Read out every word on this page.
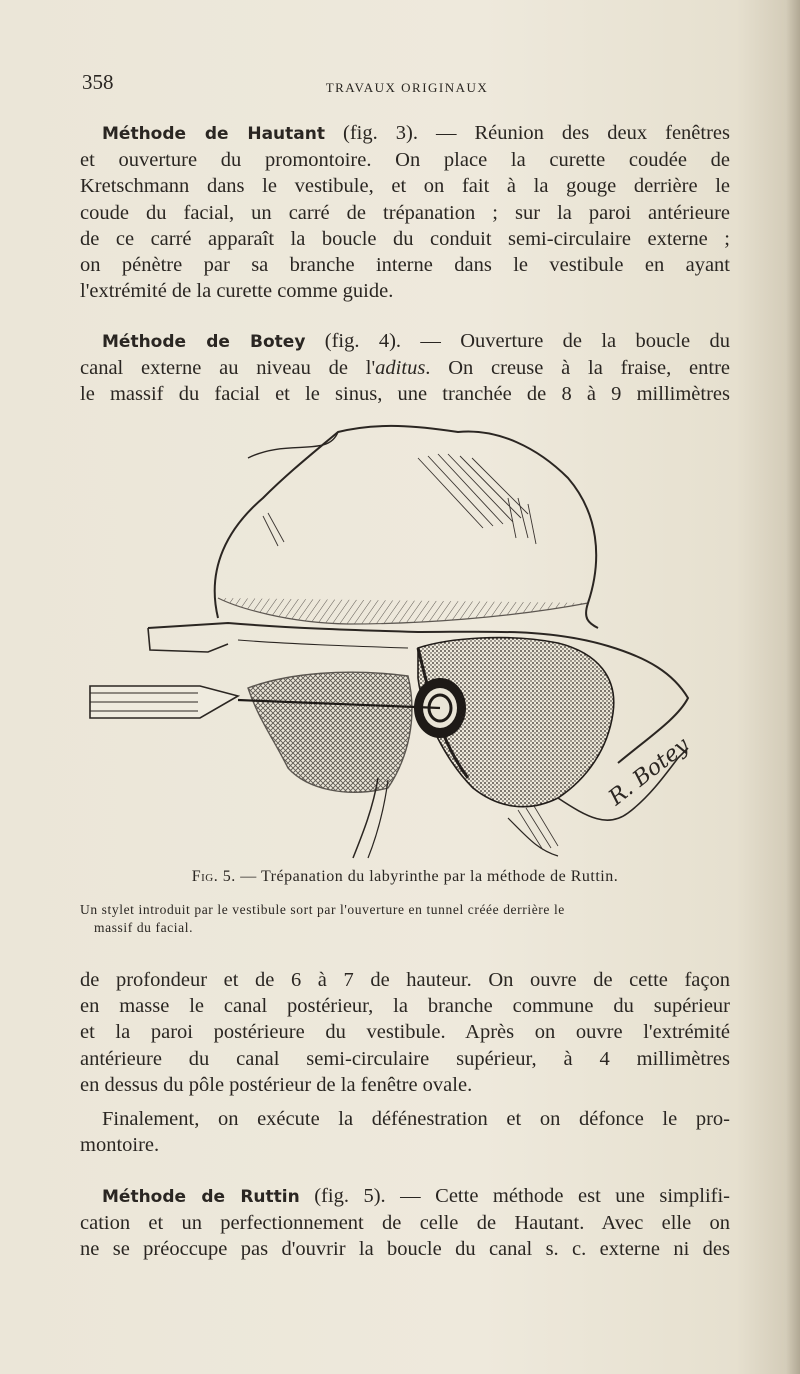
358	TRAVAUX ORIGINAUX
Méthode de Hautant (fig. 3). — Réunion des deux fenêtres
et ouverture du promontoire. On place la curette coudée de
Kretschmann dans le vestibule, et on fait à la gouge derrière le
coude du facial, un carré de trépanation ; sur la paroi antérieure
de ce carré apparaît la boucle du conduit semi-circulaire externe ;
on pénètre par sa branche interne dans le vestibule en ayant
l'extrémité de la curette comme guide.
Méthode de Botey (fig. 4). — Ouverture de la boucle du
canal externe au niveau de l'aditus. On creuse à la fraise, entre
le massif du facial et le sinus, une tranchée de 8 à 9 millimètres
R. Botey
Fig. 5. — Trépanation du labyrinthe par la méthode de Ruttin.
Un stylet introduit par le vestibule sort par l'ouverture en tunnel créée derrière le
massif du facial.
de profondeur et de 6 à 7 de hauteur. On ouvre de cette façon
en masse le canal postérieur, la branche commune du supérieur
et la paroi postérieure du vestibule. Après on ouvre l'extrémité
antérieure du canal semi-circulaire supérieur, à 4 millimètres
en dessus du pôle postérieur de la fenêtre ovale.
Finalement, on exécute la défénestration et on défonce le pro-
montoire.
Méthode de Ruttin (fig. 5). — Cette méthode est une simplifi-
cation et un perfectionnement de celle de Hautant. Avec elle on
ne se préoccupe pas d'ouvrir la boucle du canal s. c. externe ni des
